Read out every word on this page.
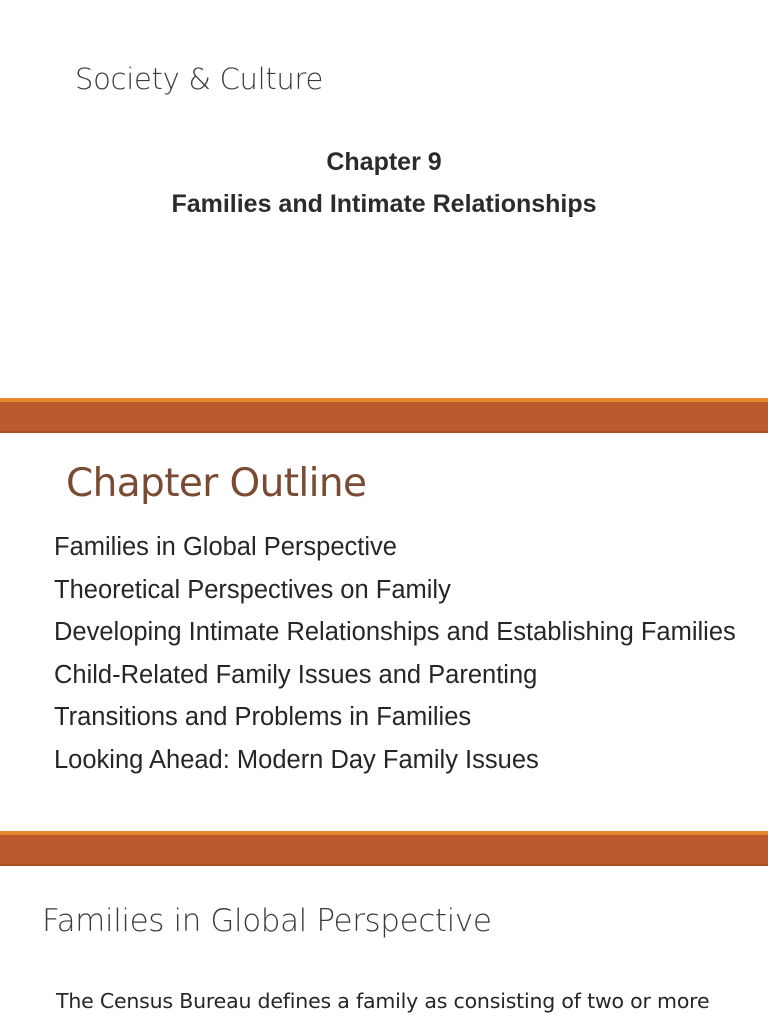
Society & Culture
Chapter 9
Families and Intimate Relationships
Chapter Outline
Families in Global Perspective
Theoretical Perspectives on Family
Developing Intimate Relationships and Establishing Families
Child-Related Family Issues and Parenting
Transitions and Problems in Families
Looking Ahead: Modern Day Family Issues
Families in Global Perspective
The Census Bureau defines a family as consisting of two or more
